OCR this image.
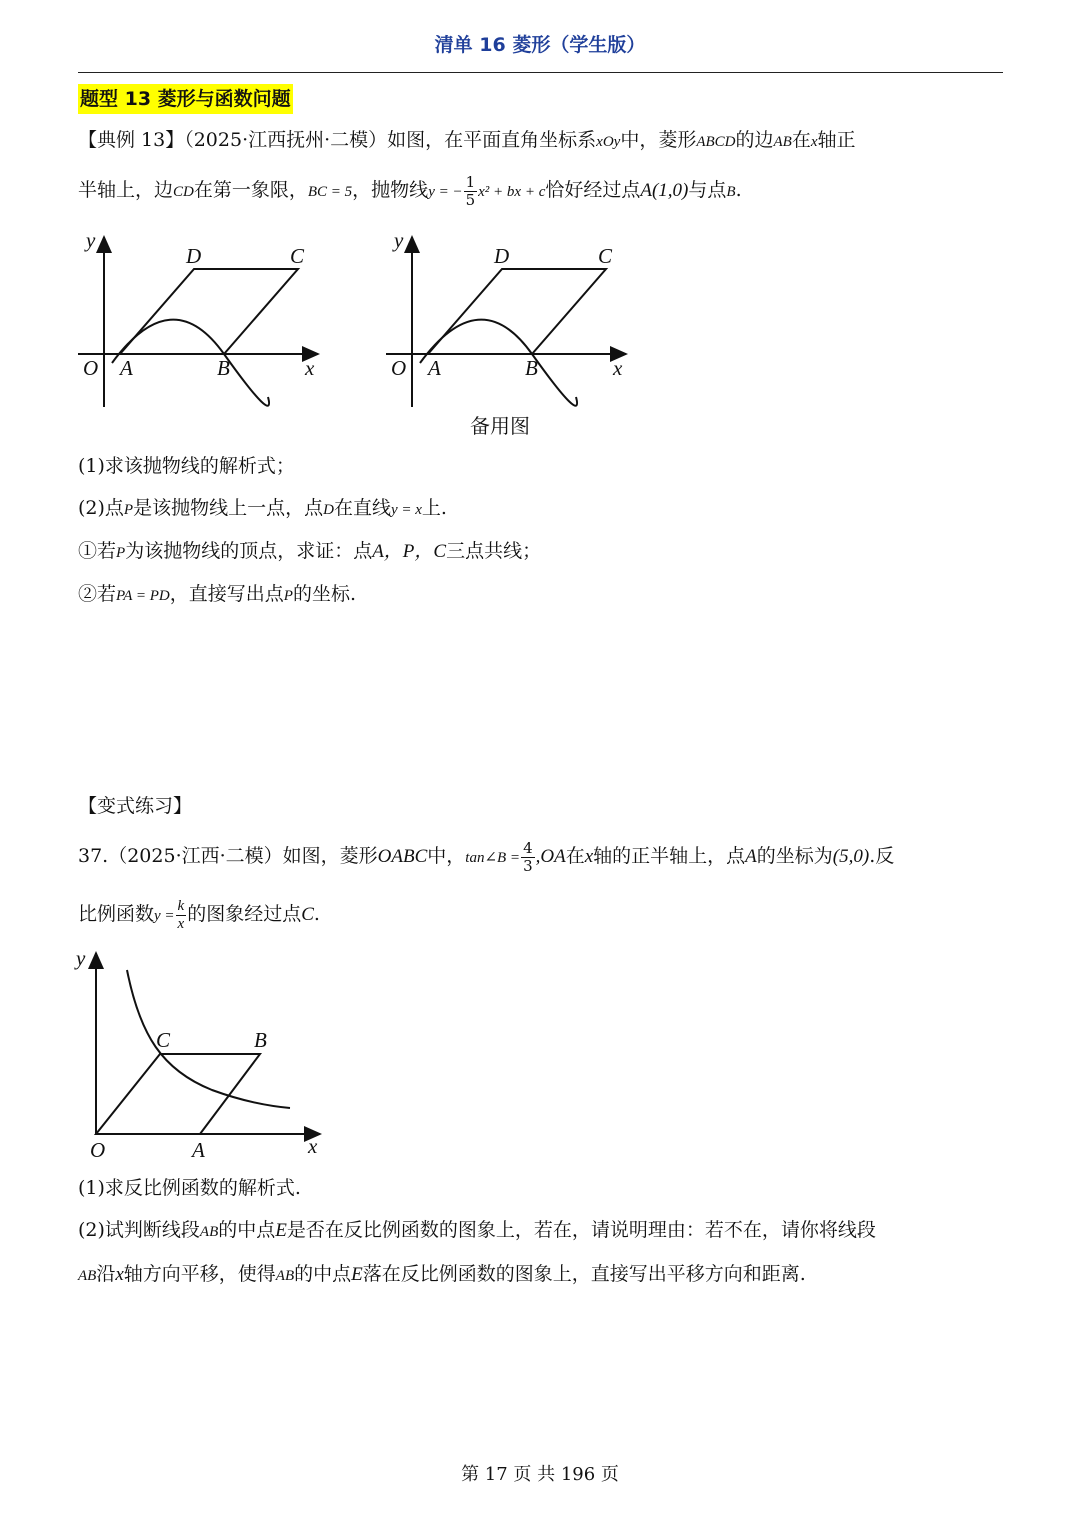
清单 16 菱形（学生版）
题型 13 菱形与函数问题
【典例 13】（2025·江西抚州·二模）如图，在平面直角坐标系xOy中，菱形ABCD的边AB在x轴正
半轴上，边CD在第一象限，BC = 5，抛物线y = − $\frac{1}{5} x^2$ + bx + c恰好经过点A(1,0)与点B.
y
x
O A	B
C
D
y
x
O A	B
C
D
备用图
(1)求该抛物线的解析式；
(2)点P是该抛物线上一点，点D在直线y = x上.
①若P为该抛物线的顶点，求证：点A，P，C三点共线；
②若PA = PD，直接写出点P的坐标.
【变式练习】
37.（2025·江西·二模）如图，菱形OABC中，tan∠B = $\frac{4}{3} ,OA$在x轴的正半轴上，点A的坐标为(5,0).反
比例函数$y = \frac{k}{x}$ 的图象经过点C.
y
x
O	A
B
C
(1)求反比例函数的解析式.
(2)试判断线段AB的中点E是否在反比例函数的图象上，若在，请说明理由：若不在，请你将线段
AB沿x轴方向平移，使得AB的中点E落在反比例函数的图象上，直接写出平移方向和距离.
第 17 页 共 196 页
